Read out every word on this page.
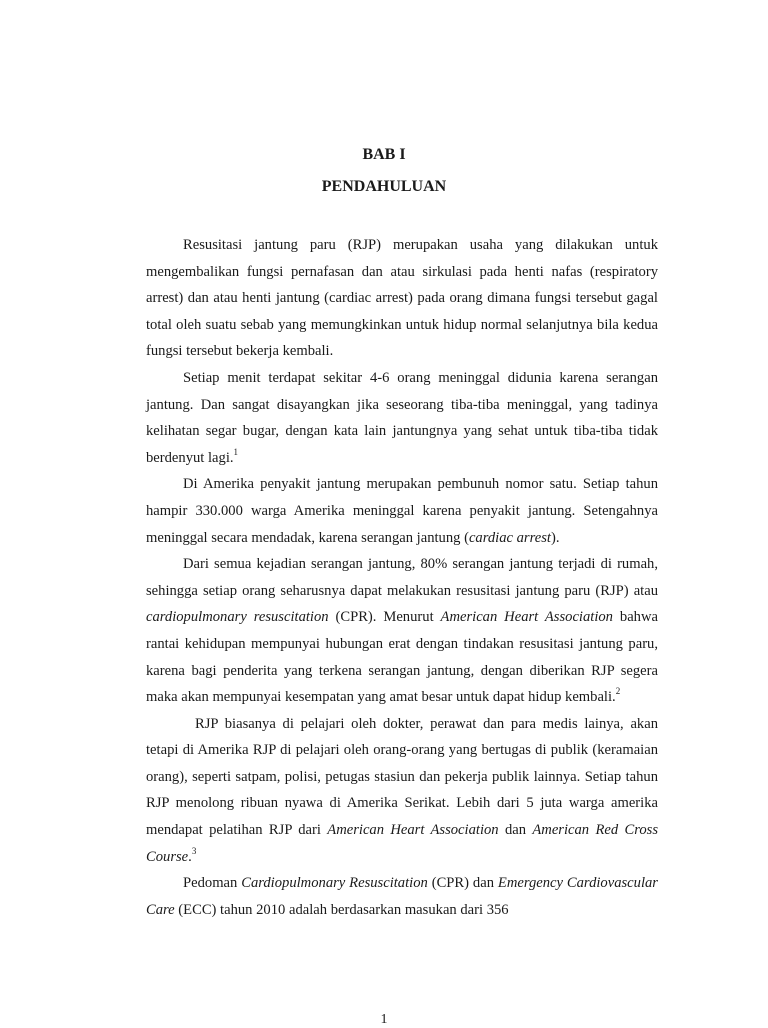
BAB I
PENDAHULUAN

Resusitasi jantung paru (RJP) merupakan usaha yang dilakukan untuk mengembalikan fungsi pernafasan dan atau sirkulasi pada henti nafas (respiratory arrest) dan atau henti jantung (cardiac arrest) pada orang dimana fungsi tersebut gagal total oleh suatu sebab yang memungkinkan untuk hidup normal selanjutnya bila kedua fungsi tersebut bekerja kembali.

Setiap menit terdapat sekitar 4-6 orang meninggal didunia karena serangan jantung. Dan sangat disayangkan jika seseorang tiba-tiba meninggal, yang tadinya kelihatan segar bugar, dengan kata lain jantungnya yang sehat untuk tiba-tiba tidak berdenyut lagi.$^1$

Di Amerika penyakit jantung merupakan pembunuh nomor satu. Setiap tahun hampir 330.000 warga Amerika meninggal karena penyakit jantung. Setengahnya meninggal secara mendadak, karena serangan jantung (cardiac arrest).

Dari semua kejadian serangan jantung, 80% serangan jantung terjadi di rumah, sehingga setiap orang seharusnya dapat melakukan resusitasi jantung paru (RJP) atau cardiopulmonary resuscitation (CPR). Menurut American Heart Association bahwa rantai kehidupan mempunyai hubungan erat dengan tindakan resusitasi jantung paru, karena bagi penderita yang terkena serangan jantung, dengan diberikan RJP segera maka akan mempunyai kesempatan yang amat besar untuk dapat hidup kembali.$^2$

RJP biasanya di pelajari oleh dokter, perawat dan para medis lainya, akan tetapi di Amerika RJP di pelajari oleh orang-orang yang bertugas di publik (keramaian orang), seperti satpam, polisi, petugas stasiun dan pekerja publik lainnya. Setiap tahun RJP menolong ribuan nyawa di Amerika Serikat. Lebih dari 5 juta warga amerika mendapat pelatihan RJP dari American Heart Association dan American Red Cross Course.$^3$

Pedoman Cardiopulmonary Resuscitation (CPR) dan Emergency Cardiovascular Care (ECC) tahun 2010 adalah berdasarkan masukan dari 356

1
